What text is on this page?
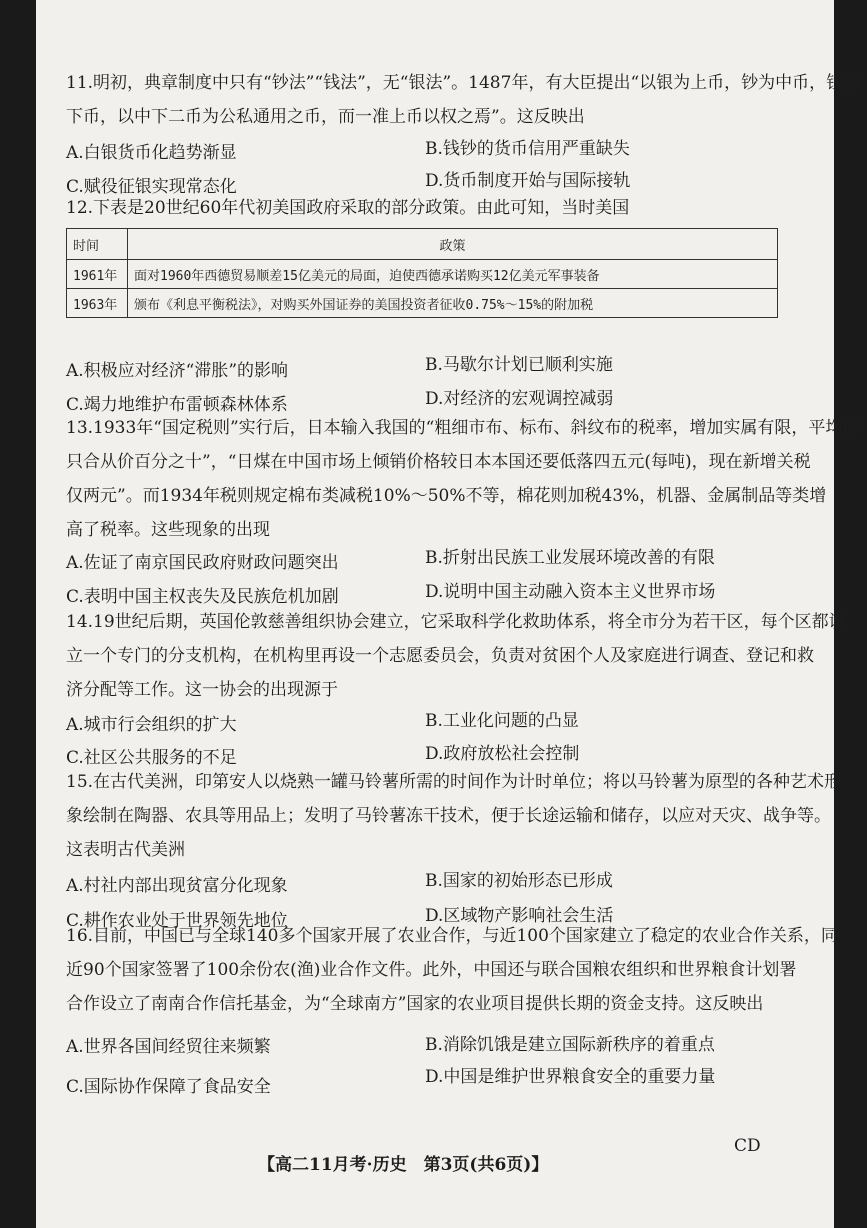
11.明初，典章制度中只有“钞法”“钱法”，无“银法”。1487年，有大臣提出“以银为上币，钞为中币，钱为
下币，以中下二币为公私通用之币，而一准上币以权之焉”。这反映出
A.白银货币化趋势渐显	B.钱钞的货币信用严重缺失
C.赋役征银实现常态化	D.货币制度开始与国际接轨
12.下表是20世纪60年代初美国政府采取的部分政策。由此可知，当时美国
时间	政策
1961年	面对1960年西德贸易顺差15亿美元的局面，迫使西德承诺购买12亿美元军事装备
1963年	颁布《利息平衡税法》，对购买外国证券的美国投资者征收0.75%～15%的附加税
A.积极应对经济“滞胀”的影响	B.马歇尔计划已顺利实施
C.竭力地维护布雷顿森林体系	D.对经济的宏观调控减弱
13.1933年“国定税则”实行后，日本输入我国的“粗细市布、标布、斜纹布的税率，增加实属有限，平均都
只合从价百分之十”，“日煤在中国市场上倾销价格较日本本国还要低落四五元(每吨)，现在新增关税
仅两元”。而1934年税则规定棉布类减税10%～50%不等，棉花则加税43%，机器、金属制品等类增
高了税率。这些现象的出现
A.佐证了南京国民政府财政问题突出	B.折射出民族工业发展环境改善的有限
C.表明中国主权丧失及民族危机加剧	D.说明中国主动融入资本主义世界市场
14.19世纪后期，英国伦敦慈善组织协会建立，它采取科学化救助体系，将全市分为若干区，每个区都设
立一个专门的分支机构，在机构里再设一个志愿委员会，负责对贫困个人及家庭进行调查、登记和救
济分配等工作。这一协会的出现源于
A.城市行会组织的扩大	B.工业化问题的凸显
C.社区公共服务的不足	D.政府放松社会控制
15.在古代美洲，印第安人以烧熟一罐马铃薯所需的时间作为计时单位；将以马铃薯为原型的各种艺术形
象绘制在陶器、农具等用品上；发明了马铃薯冻干技术，便于长途运输和储存，以应对天灾、战争等。
这表明古代美洲
A.村社内部出现贫富分化现象	B.国家的初始形态已形成
C.耕作农业处于世界领先地位	D.区域物产影响社会生活
16.目前，中国已与全球140多个国家开展了农业合作，与近100个国家建立了稳定的农业合作关系，同
近90个国家签署了100余份农(渔)业合作文件。此外，中国还与联合国粮农组织和世界粮食计划署
合作设立了南南合作信托基金，为“全球南方”国家的农业项目提供长期的资金支持。这反映出
A.世界各国间经贸往来频繁	B.消除饥饿是建立国际新秩序的着重点
C.国际协作保障了食品安全	D.中国是维护世界粮食安全的重要力量
CD
【高二11月考·历史　第3页(共6页)】
